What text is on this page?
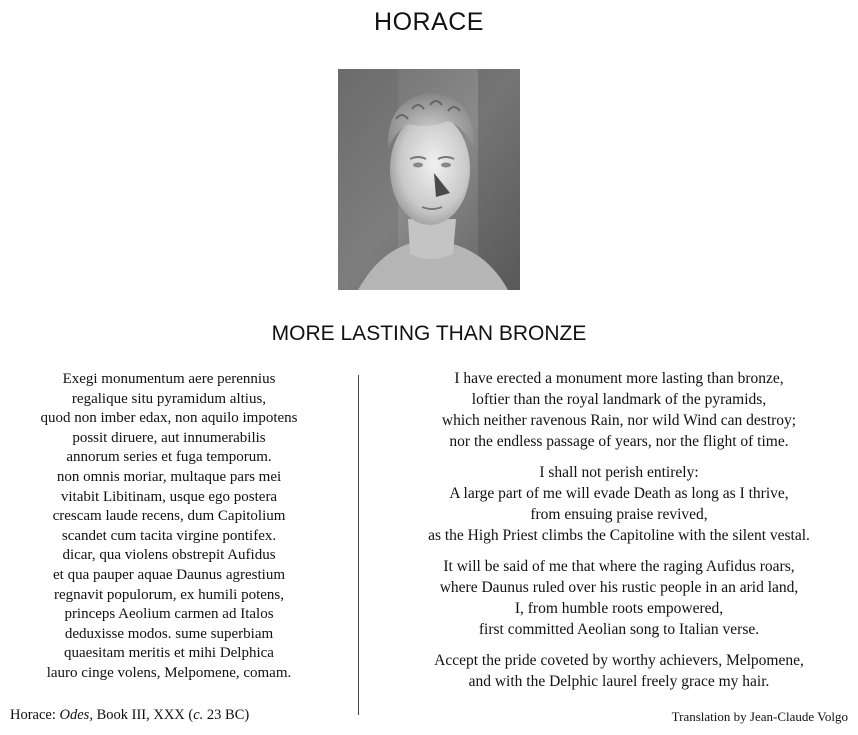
HORACE
MORE LASTING THAN BRONZE
Exegi monumentum aere perennius
regalique situ pyramidum altius,
quod non imber edax, non aquilo impotens
possit diruere, aut innumerabilis
annorum series et fuga temporum.
non omnis moriar, multaque pars mei
vitabit Libitinam, usque ego postera
crescam laude recens, dum Capitolium
scandet cum tacita virgine pontifex.
dicar, qua violens obstrepit Aufidus
et qua pauper aquae Daunus agrestium
regnavit populorum, ex humili potens,
princeps Aeolium carmen ad Italos
deduxisse modos. sume superbiam
quaesitam meritis et mihi Delphica
lauro cinge volens, Melpomene, comam.
I have erected a monument more lasting than bronze,
loftier than the royal landmark of the pyramids,
which neither ravenous Rain, nor wild Wind can destroy;
nor the endless passage of years, nor the flight of time.
I shall not perish entirely:
A large part of me will evade Death as long as I thrive,
from ensuing praise revived,
as the High Priest climbs the Capitoline with the silent vestal.
It will be said of me that where the raging Aufidus roars,
where Daunus ruled over his rustic people in an arid land,
I, from humble roots empowered,
first committed Aeolian song to Italian verse.
Accept the pride coveted by worthy achievers, Melpomene,
and with the Delphic laurel freely grace my hair.
Horace: Odes, Book III, XXX (c. 23 BC)	Translation by Jean-Claude Volgo
